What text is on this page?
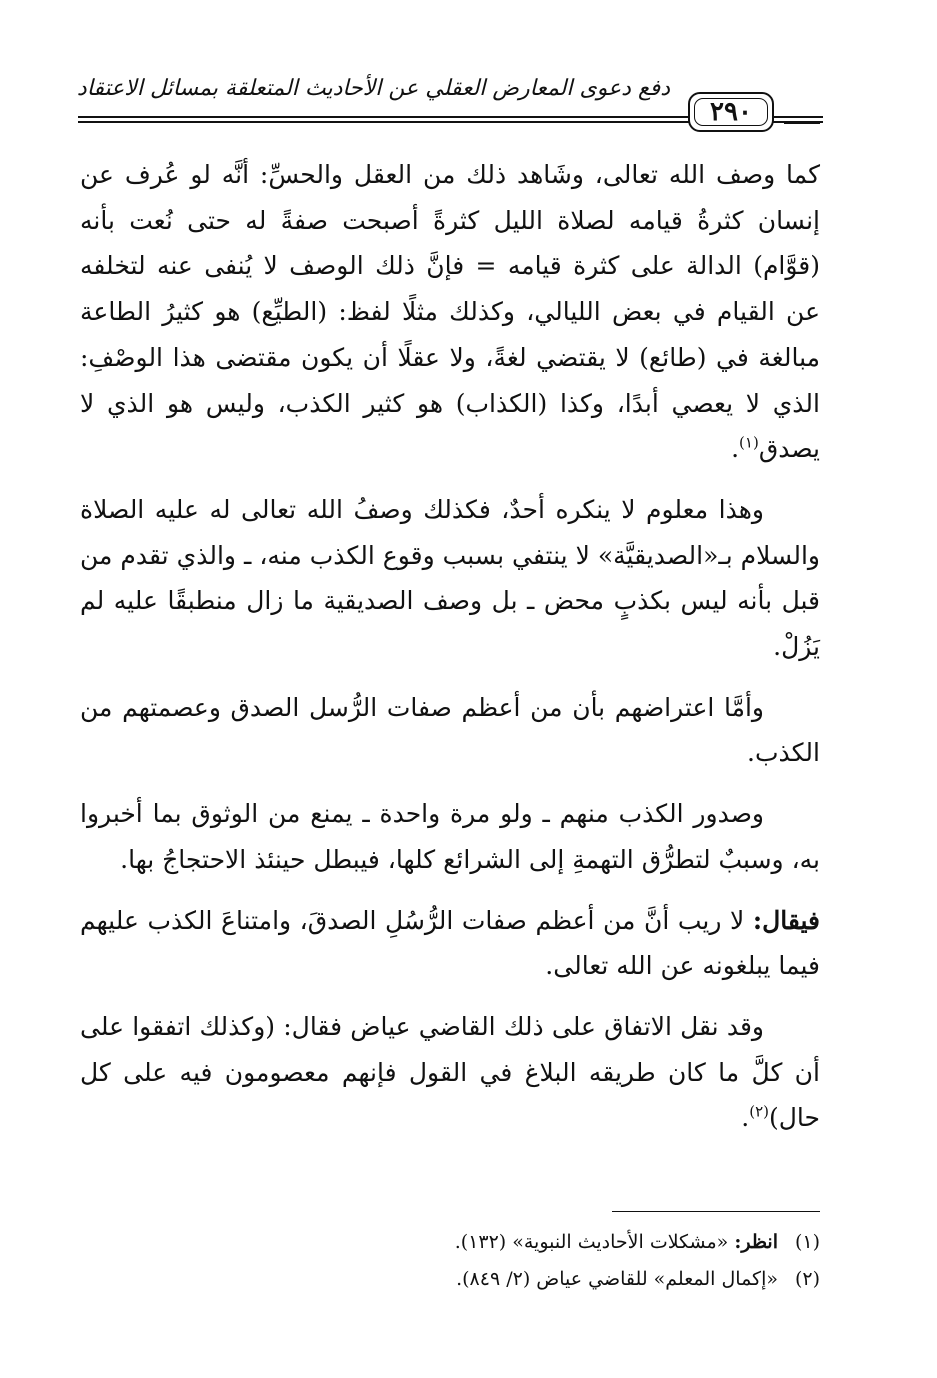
دفع دعوى المعارض العقلي عن الأحاديث المتعلقة بمسائل الاعتقاد
٢٩٠

كما وصف الله تعالى، وشَاهد ذلك من العقل والحسِّ: أنَّه لو عُرف عن إنسان كثرةُ قيامه لصلاة الليل كثرةً أصبحت صفةً له حتى نُعت بأنه (قوَّام) الدالة على كثرة قيامه = فإنَّ ذلك الوصف لا يُنفى عنه لتخلفه عن القيام في بعض الليالي، وكذلك مثلًا لفظ: (الطيِّع) هو كثيرُ الطاعة مبالغة في (طائع) لا يقتضي لغةً، ولا عقلًا أن يكون مقتضى هذا الوصْفِ: الذي لا يعصي أبدًا، وكذا (الكذاب) هو كثير الكذب، وليس هو الذي لا يصدق$^{(١)}$.

وهذا معلوم لا ينكره أحدٌ، فكذلك وصفُ الله تعالى له عليه الصلاة والسلام بـ«الصديقيَّة» لا ينتفي بسبب وقوع الكذب منه، ـ والذي تقدم من قبل بأنه ليس بكذبٍ محض ـ بل وصف الصديقية ما زال منطبقًا عليه لم يَزُلْ.

وأمَّا اعتراضهم بأن من أعظم صفات الرُّسل الصدق وعصمتهم من الكذب.

وصدور الكذب منهم ـ ولو مرة واحدة ـ يمنع من الوثوق بما أخبروا به، وسببٌ لتطرُّق التهمةِ إلى الشرائع كلها، فيبطل حينئذ الاحتجاجُ بها.

فيقال: لا ريب أنَّ من أعظم صفات الرُّسُلِ الصدقَ، وامتناعَ الكذب عليهم فيما يبلغونه عن الله تعالى.

وقد نقل الاتفاق على ذلك القاضي عياض فقال: (وكذلك اتفقوا على أن كلَّ ما كان طريقه البلاغ في القول فإنهم معصومون فيه على كل حال)$^{(٢)}$.

(١)انظر: «مشكلات الأحاديث النبوية» (١٣٢).

(٢)«إكمال المعلم» للقاضي عياض (٢/ ٨٤٩).
